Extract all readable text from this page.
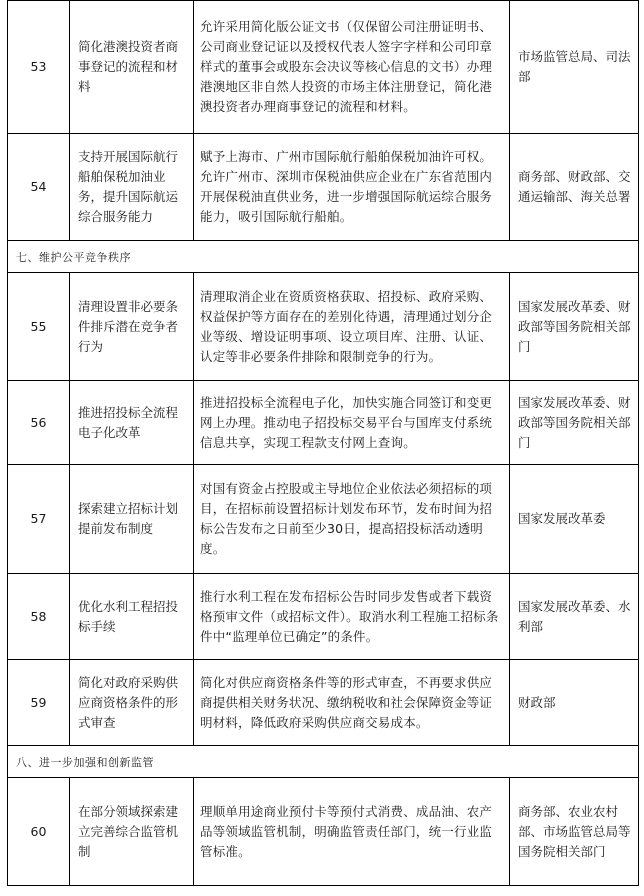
53
简化港澳投资者商事登记的流程和材料
允许采用简化版公证文书（仅保留公司注册证明书、公司商业登记证以及授权代表人签字字样和公司印章样式的董事会或股东会决议等核心信息的文书）办理港澳地区非自然人投资的市场主体注册登记，简化港澳投资者办理商事登记的流程和材料。
市场监管总局、司法部
54
支持开展国际航行船舶保税加油业务，提升国际航运综合服务能力
赋予上海市、广州市国际航行船舶保税加油许可权。允许广州市、深圳市保税油供应企业在广东省范围内开展保税油直供业务，进一步增强国际航运综合服务能力，吸引国际航行船舶。
商务部、财政部、交通运输部、海关总署
七、维护公平竞争秩序
55
清理设置非必要条件排斥潜在竞争者行为
清理取消企业在资质资格获取、招投标、政府采购、权益保护等方面存在的差别化待遇，清理通过划分企业等级、增设证明事项、设立项目库、注册、认证、认定等非必要条件排除和限制竞争的行为。
国家发展改革委、财政部等国务院相关部门
56
推进招投标全流程电子化改革
推进招投标全流程电子化，加快实施合同签订和变更网上办理。推动电子招投标交易平台与国库支付系统信息共享，实现工程款支付网上查询。
国家发展改革委、财政部等国务院相关部门
57
探索建立招标计划提前发布制度
对国有资金占控股或主导地位企业依法必须招标的项目，在招标前设置招标计划发布环节，发布时间为招标公告发布之日前至少30日，提高招投标活动透明度。
国家发展改革委
58
优化水利工程招投标手续
推行水利工程在发布招标公告时同步发售或者下载资格预审文件（或招标文件）。取消水利工程施工招标条件中“监理单位已确定”的条件。
国家发展改革委、水利部
59
简化对政府采购供应商资格条件的形式审查
简化对供应商资格条件等的形式审查，不再要求供应商提供相关财务状况、缴纳税收和社会保障资金等证明材料，降低政府采购供应商交易成本。
财政部
八、进一步加强和创新监管
60
在部分领域探索建立完善综合监管机制
理顺单用途商业预付卡等预付式消费、成品油、农产品等领域监管机制，明确监管责任部门，统一行业监管标准。
商务部、农业农村部、市场监管总局等国务院相关部门
